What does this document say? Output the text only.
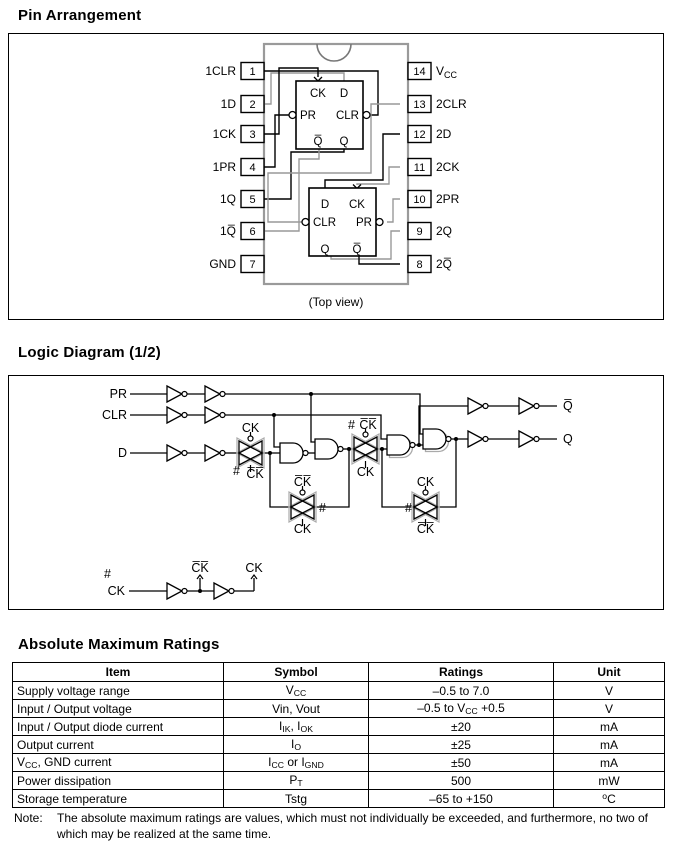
Pin Arrangement
1
1CLR
2
1D
3
1CK
4
1PR
5
1Q
6
1Q̅
7
GND
14 $V_{CC}$
13 2CLR
12 2D
11 2CK
10 2PR
9 2Q
8 2Q̅
CK D
PR CLR
Q̅ Q
D CK
CLR PR
Q Q̅
(Top view)
Logic Diagram (1/2)
PR
CLR
D
CK
#
Q̅
Q
CK
# C̅K̅
# C̅K̅
CK
C̅K̅
#
CK
CK
#
C̅K̅
C̅K̅	CK
Absolute Maximum Ratings
Item	Symbol	Ratings	Unit
Supply voltage range	$V_{CC}$	–0.5 to 7.0	V
Input / Output voltage	Vin, Vout	–0.5 to $V_{CC} +0.5$	V
Input / Output diode current	$I_{IK}$, $I_{OK}$	±20	mA
Output current	$I_O$	±25	mA
$V_{CC}$, GND current	$I_{CC}$ or $I_{GND}$	±50	mA
Power dissipation	$P_T$	500	mW
Storage temperature	Tstg	–65 to +150	$^o$C
Note: The absolute maximum ratings are values, which must not individually be exceeded, and furthermore, no two of
which may be realized at the same time.
